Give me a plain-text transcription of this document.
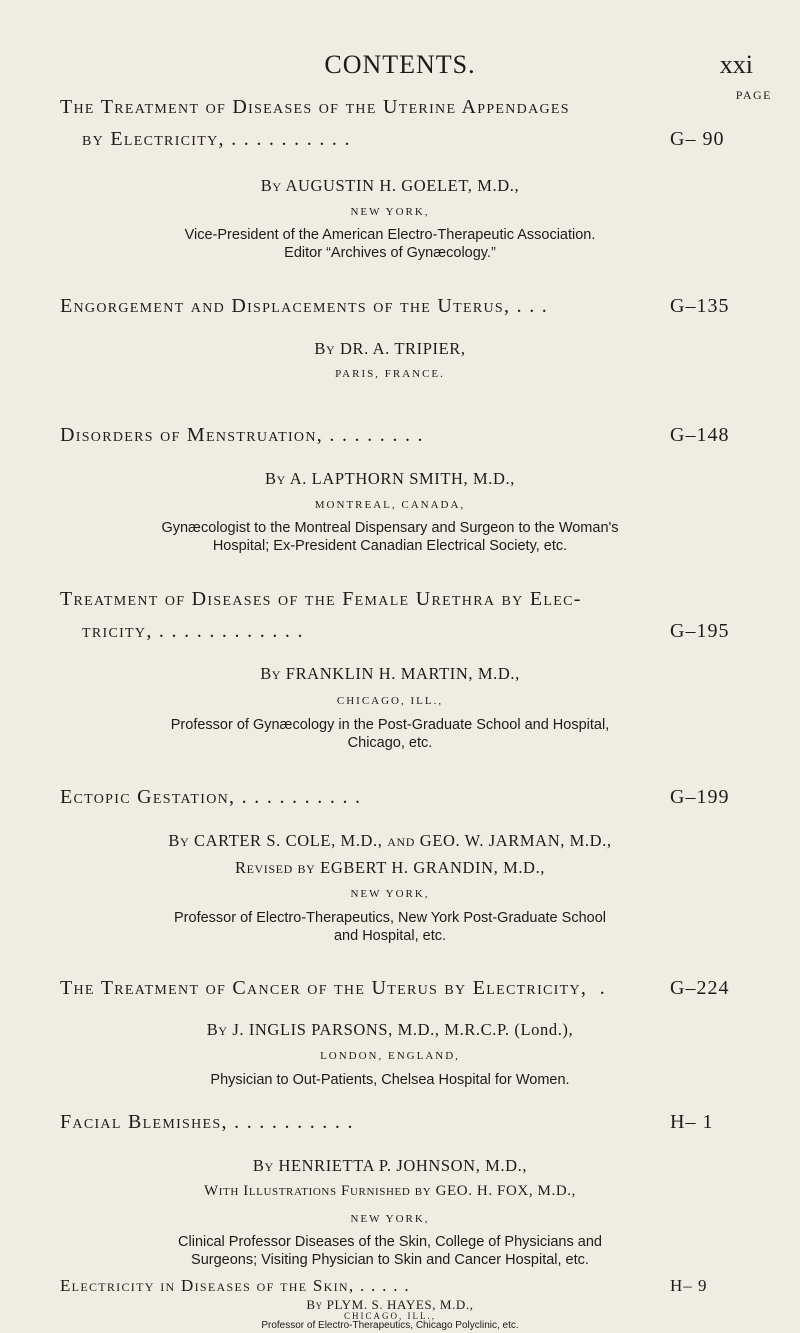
CONTENTS.	xxi
PAGE
The Treatment of Diseases of the Uterine Appendages
by Electricity, . . . . . . . . . .	G– 90
By AUGUSTIN H. GOELET, M.D.,
NEW YORK,
Vice-President of the American Electro-Therapeutic Association.
Editor “Archives of Gynæcology.”
Engorgement and Displacements of the Uterus, . . .	G–135
By DR. A. TRIPIER,
PARIS, FRANCE.
Disorders of Menstruation, . . . . . . . .	G–148
By A. LAPTHORN SMITH, M.D.,
MONTREAL, CANADA,
Gynæcologist to the Montreal Dispensary and Surgeon to the Woman's
Hospital; Ex-President Canadian Electrical Society, etc.
Treatment of Diseases of the Female Urethra by Elec-
tricity, . . . . . . . . . . . .	G–195
By FRANKLIN H. MARTIN, M.D.,
CHICAGO, ILL.,
Professor of Gynæcology in the Post-Graduate School and Hospital,
Chicago, etc.
Ectopic Gestation, . . . . . . . . . .	G–199
By CARTER S. COLE, M.D., and GEO. W. JARMAN, M.D.,
Revised by EGBERT H. GRANDIN, M.D.,
NEW YORK,
Professor of Electro-Therapeutics, New York Post-Graduate School
and Hospital, etc.
The Treatment of Cancer of the Uterus by Electricity,  .	G–224
By J. INGLIS PARSONS, M.D., M.R.C.P. (Lond.),
LONDON, ENGLAND,
Physician to Out-Patients, Chelsea Hospital for Women.
Facial Blemishes, . . . . . . . . . .	H– 1
By HENRIETTA P. JOHNSON, M.D.,
With Illustrations Furnished by GEO. H. FOX, M.D.,
NEW YORK,
Clinical Professor Diseases of the Skin, College of Physicians and
Surgeons; Visiting Physician to Skin and Cancer Hospital, etc.
Electricity in Diseases of the Skin, . . . . .	H– 9
By PLYM. S. HAYES, M.D.,
CHICAGO, ILL.,
Professor of Electro-Therapeutics, Chicago Polyclinic, etc.
